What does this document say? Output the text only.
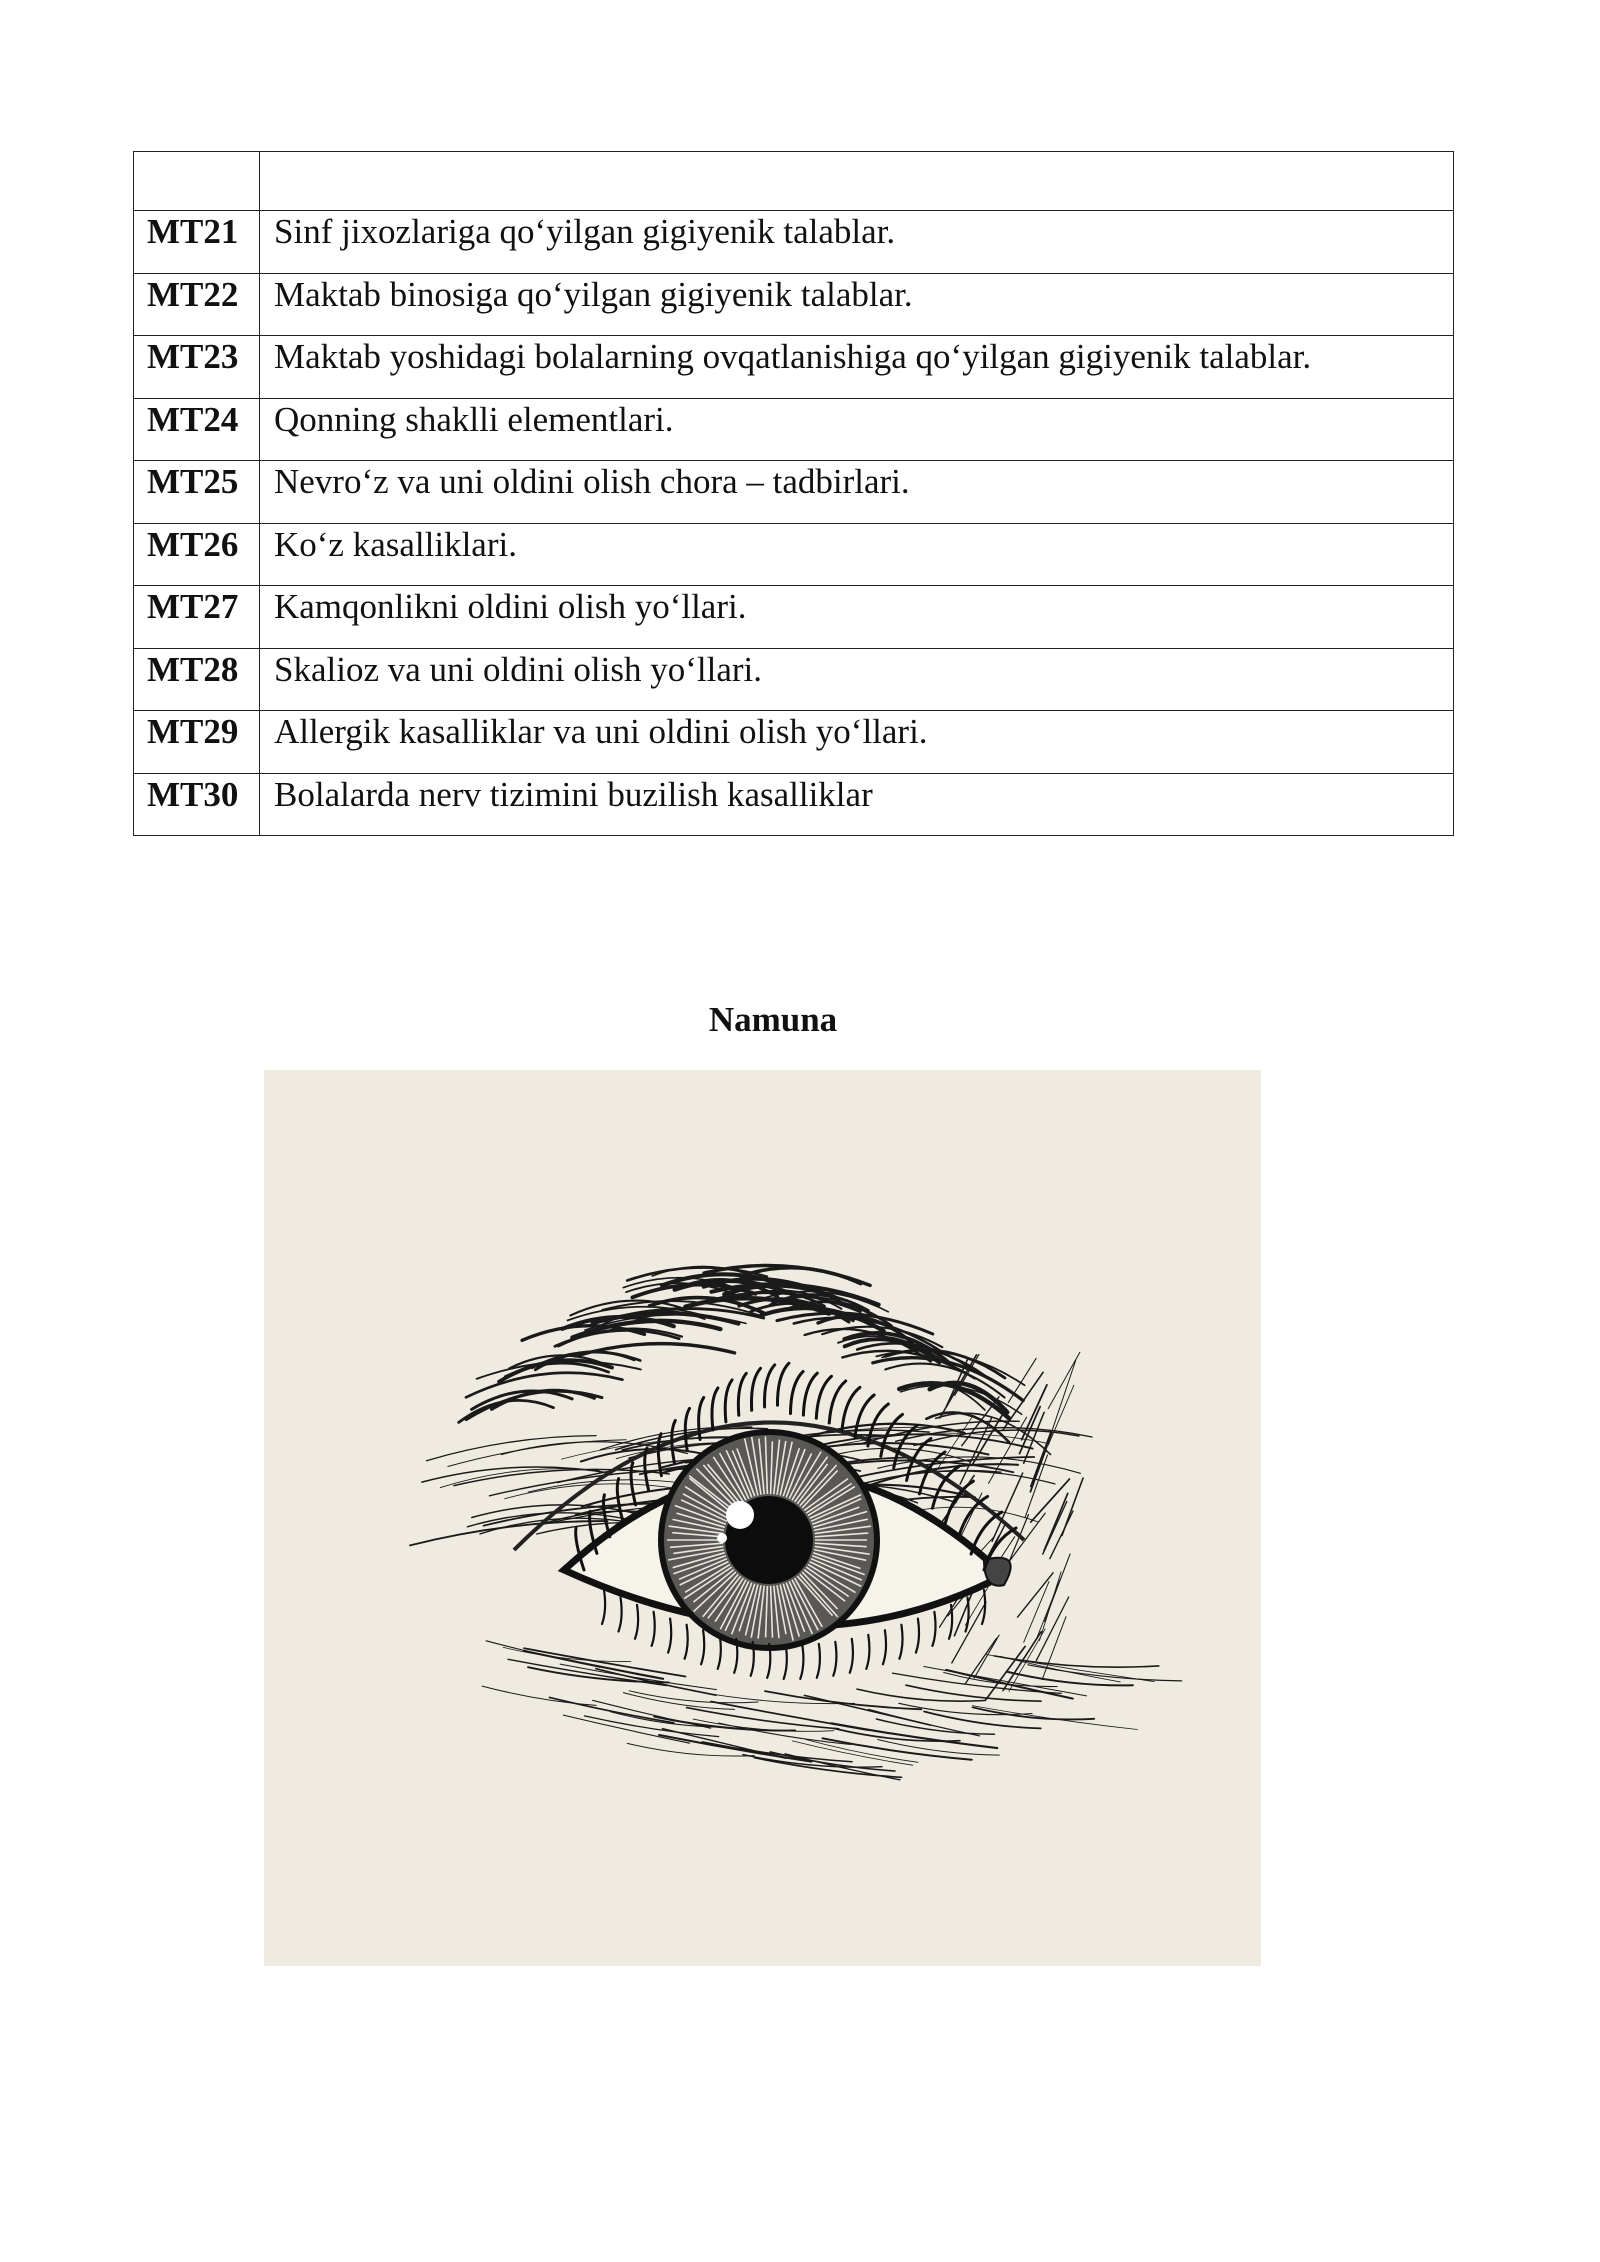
MT21	Sinf jixozlariga qo‘yilgan gigiyenik talablar.
MT22	Maktab binosiga qo‘yilgan gigiyenik talablar.
MT23	Maktab yoshidagi bolalarning ovqatlanishiga qo‘yilgan gigiyenik talablar.
MT24	Qonning shaklli elementlari.
MT25	Nevro‘z va uni oldini olish chora – tadbirlari.
MT26	Ko‘z kasalliklari.
MT27	Kamqonlikni oldini olish yo‘llari.
MT28	Skalioz va uni oldini olish yo‘llari.
MT29	Allergik kasalliklar va uni oldini olish yo‘llari.
MT30	Bolalarda nerv tizimini buzilish kasalliklar
Namuna
